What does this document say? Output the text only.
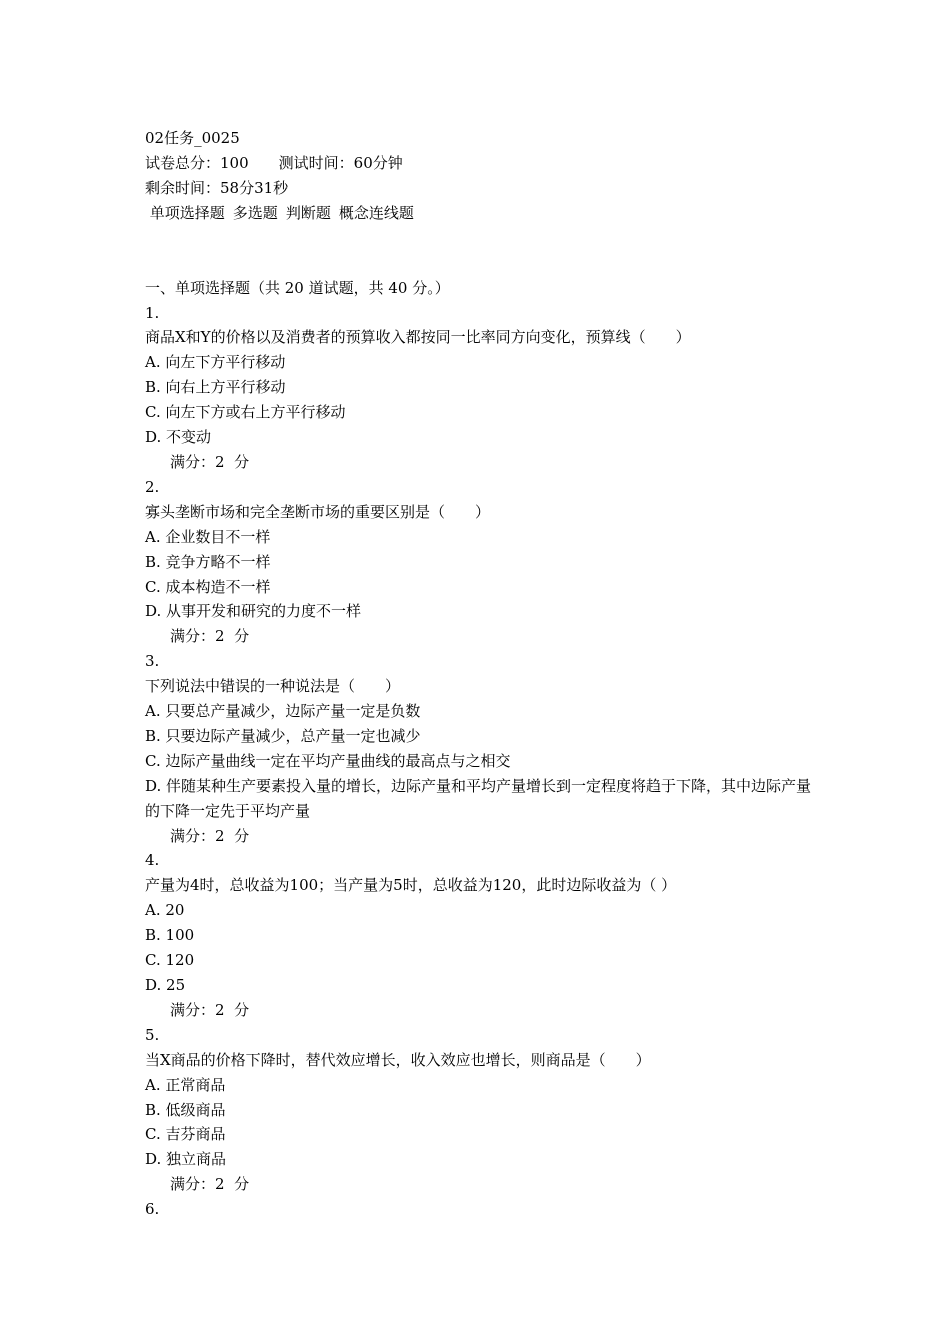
02任务_0025
试卷总分：100　　 测试时间：60分钟
剩余时间：58分31秒
单项选择题 多选题 判断题 概念连线题
一、单项选择题（共 20 道试题，共 40 分。）
1.
商品X和Y的价格以及消费者的预算收入都按同一比率同方向变化，预算线（　　）
A. 向左下方平行移动
B. 向右上方平行移动
C. 向左下方或右上方平行移动
D. 不变动
满分：2  分
2.
寡头垄断市场和完全垄断市场的重要区别是（　　）
A. 企业数目不一样
B. 竞争方略不一样
C. 成本构造不一样
D. 从事开发和研究的力度不一样
满分：2  分
3.
下列说法中错误的一种说法是（　　）
A. 只要总产量减少，边际产量一定是负数
B. 只要边际产量减少，总产量一定也减少
C. 边际产量曲线一定在平均产量曲线的最高点与之相交
D. 伴随某种生产要素投入量的增长，边际产量和平均产量增长到一定程度将趋于下降，其中边际产量的下降一定先于平均产量
满分：2  分
4.
产量为4时，总收益为100；当产量为5时，总收益为120，此时边际收益为（ ）
A. 20
B. 100
C. 120
D. 25
满分：2  分
5.
当X商品的价格下降时，替代效应增长，收入效应也增长，则商品是（　　）
A. 正常商品
B. 低级商品
C. 吉芬商品
D. 独立商品
满分：2  分
6.
